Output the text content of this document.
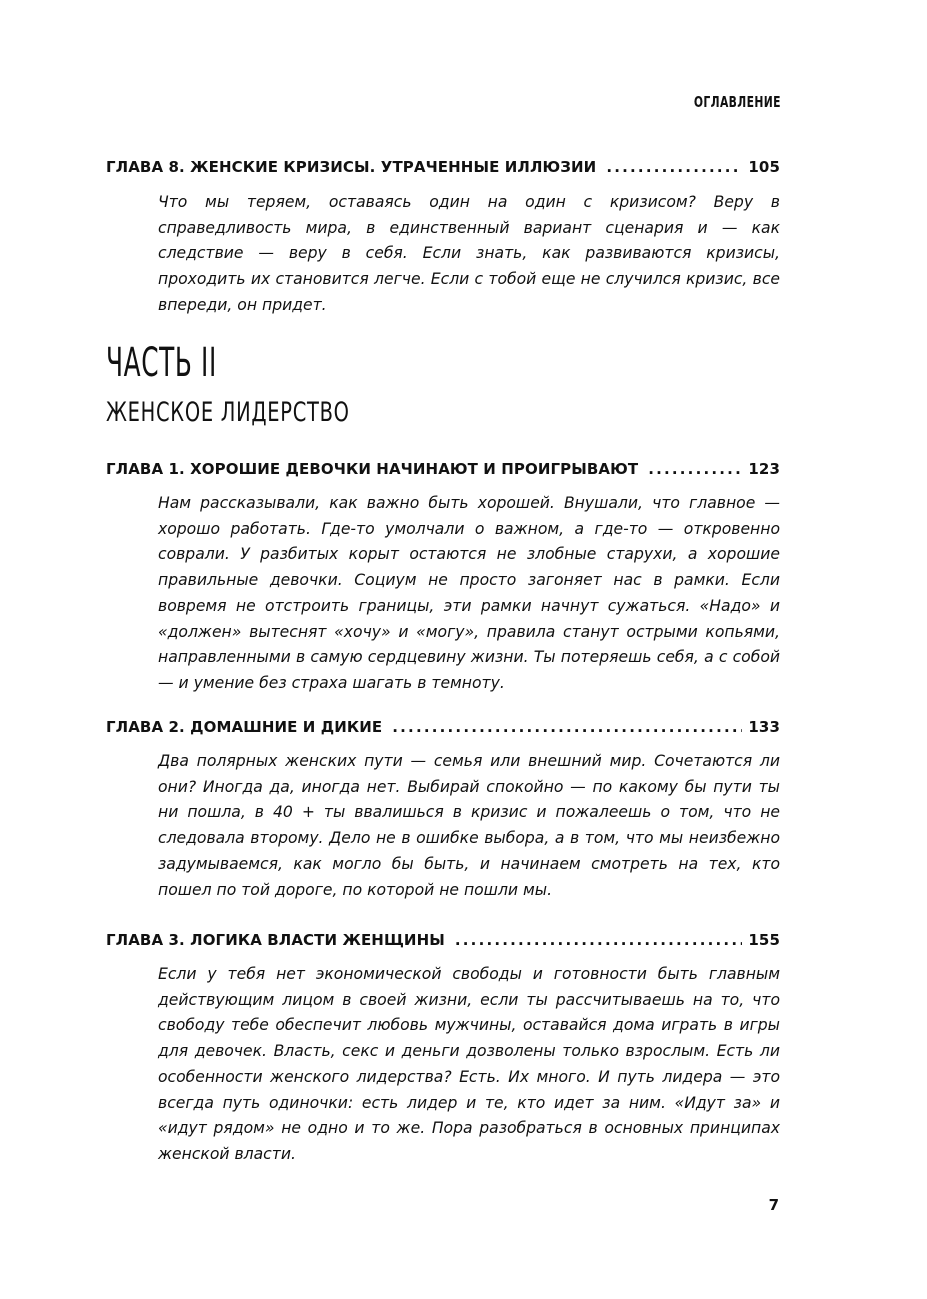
ОГЛАВЛЕНИЕ
ГЛАВА 8. ЖЕНСКИЕ КРИЗИСЫ. УТРАЧЕННЫЕ ИЛЛЮЗИИ .....	105

Что мы теряем, оставаясь один на один с кризисом? Веру в справедливость мира, в единственный вариант сценария и — как следствие — веру в себя. Если знать, как развиваются кризисы, проходить их становится легче. Если с тобой еще не случился кризис, все впереди, он придет.

ЧАСТЬ II
ЖЕНСКОЕ ЛИДЕРСТВО
ГЛАВА 1. ХОРОШИЕ ДЕВОЧКИ НАЧИНАЮТ И ПРОИГРЫВАЮТ .....	123

Нам рассказывали, как важно быть хорошей. Внушали, что главное — хорошо работать. Где-то умолчали о важном, а где-то — откровенно соврали. У разбитых корыт остаются не злобные старухи, а хорошие правильные девочки. Социум не просто загоняет нас в рамки. Если вовремя не отстроить границы, эти рамки начнут сужаться. «Надо» и «должен» вытеснят «хочу» и «могу», правила станут острыми копьями, направленными в самую сердцевину жизни. Ты потеряешь себя, а с собой — и умение без страха шагать в темноту.

ГЛАВА 2. ДОМАШНИЕ И ДИКИЕ .....	133

Два полярных женских пути — семья или внешний мир. Сочетаются ли они? Иногда да, иногда нет. Выбирай спокойно — по какому бы пути ты ни пошла, в 40 + ты ввалишься в кризис и пожалеешь о том, что не следовала второму. Дело не в ошибке выбора, а в том, что мы неизбежно задумываемся, как могло бы быть, и начинаем смотреть на тех, кто пошел по той дороге, по которой не пошли мы.

ГЛАВА 3. ЛОГИКА ВЛАСТИ ЖЕНЩИНЫ .....	155

Если у тебя нет экономической свободы и готовности быть главным действующим лицом в своей жизни, если ты рассчитываешь на то, что свободу тебе обеспечит любовь мужчины, оставайся дома играть в игры для девочек. Власть, секс и деньги дозволены только взрослым. Есть ли особенности женского лидерства? Есть. Их много. И путь лидера — это всегда путь одиночки: есть лидер и те, кто идет за ним. «Идут за» и «идут рядом» не одно и то же. Пора разобраться в основных принципах женской власти.

7
